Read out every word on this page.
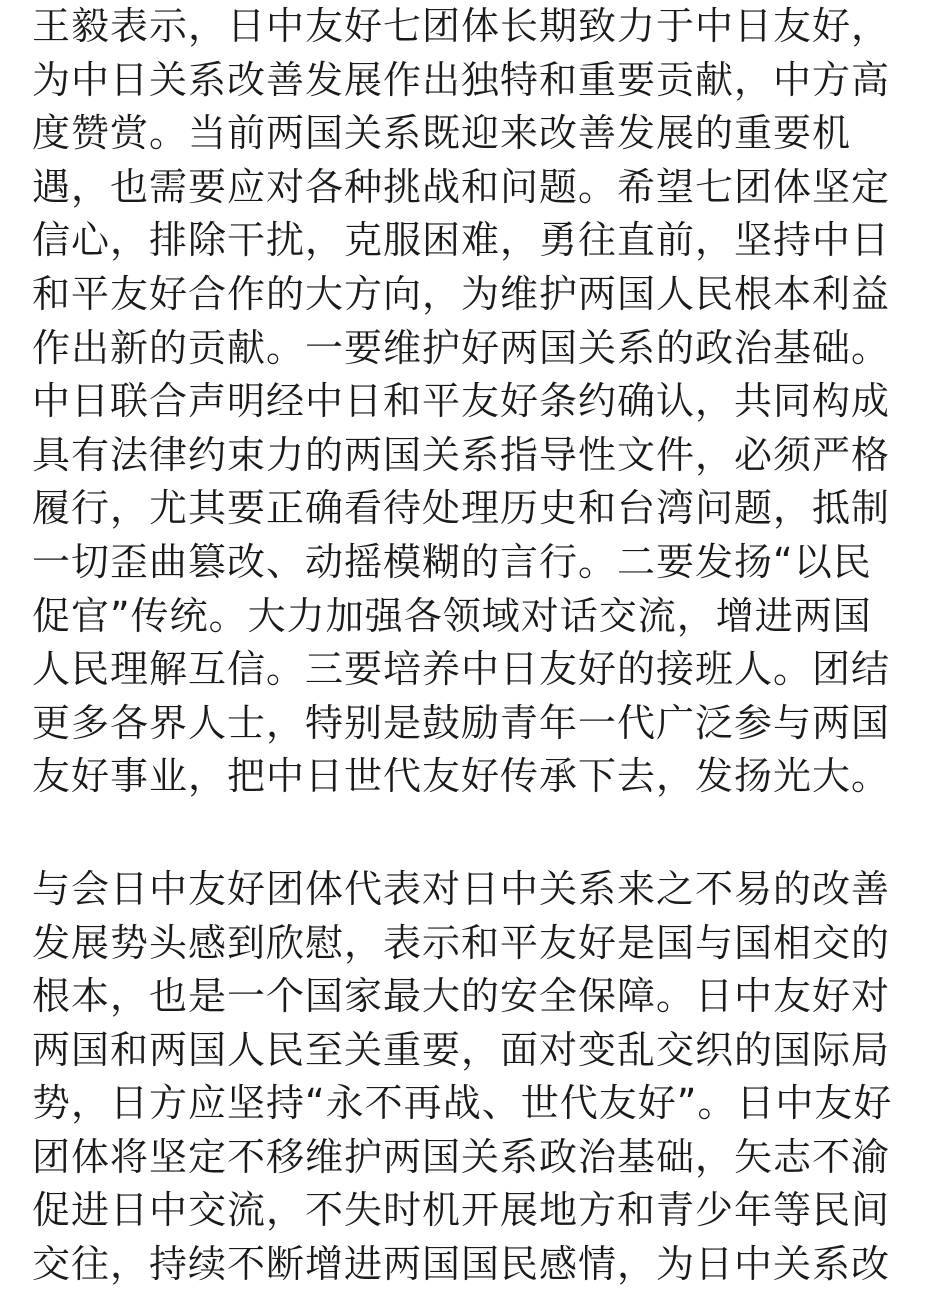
王毅表示，日中友好七团体长期致力于中日友好，
为中日关系改善发展作出独特和重要贡献，中方高
度赞赏。当前两国关系既迎来改善发展的重要机
遇，也需要应对各种挑战和问题。希望七团体坚定
信心，排除干扰，克服困难，勇往直前，坚持中日
和平友好合作的大方向，为维护两国人民根本利益
作出新的贡献。一要维护好两国关系的政治基础。
中日联合声明经中日和平友好条约确认，共同构成
具有法律约束力的两国关系指导性文件，必须严格
履行，尤其要正确看待处理历史和台湾问题，抵制
一切歪曲篡改、动摇模糊的言行。二要发扬“以民
促官”传统。大力加强各领域对话交流，增进两国
人民理解互信。三要培养中日友好的接班人。团结
更多各界人士，特别是鼓励青年一代广泛参与两国
友好事业，把中日世代友好传承下去，发扬光大。
与会日中友好团体代表对日中关系来之不易的改善
发展势头感到欣慰，表示和平友好是国与国相交的
根本，也是一个国家最大的安全保障。日中友好对
两国和两国人民至关重要，面对变乱交织的国际局
势，日方应坚持“永不再战、世代友好”。日中友好
团体将坚定不移维护两国关系政治基础，矢志不渝
促进日中交流，不失时机开展地方和青少年等民间
交往，持续不断增进两国国民感情，为日中关系改
